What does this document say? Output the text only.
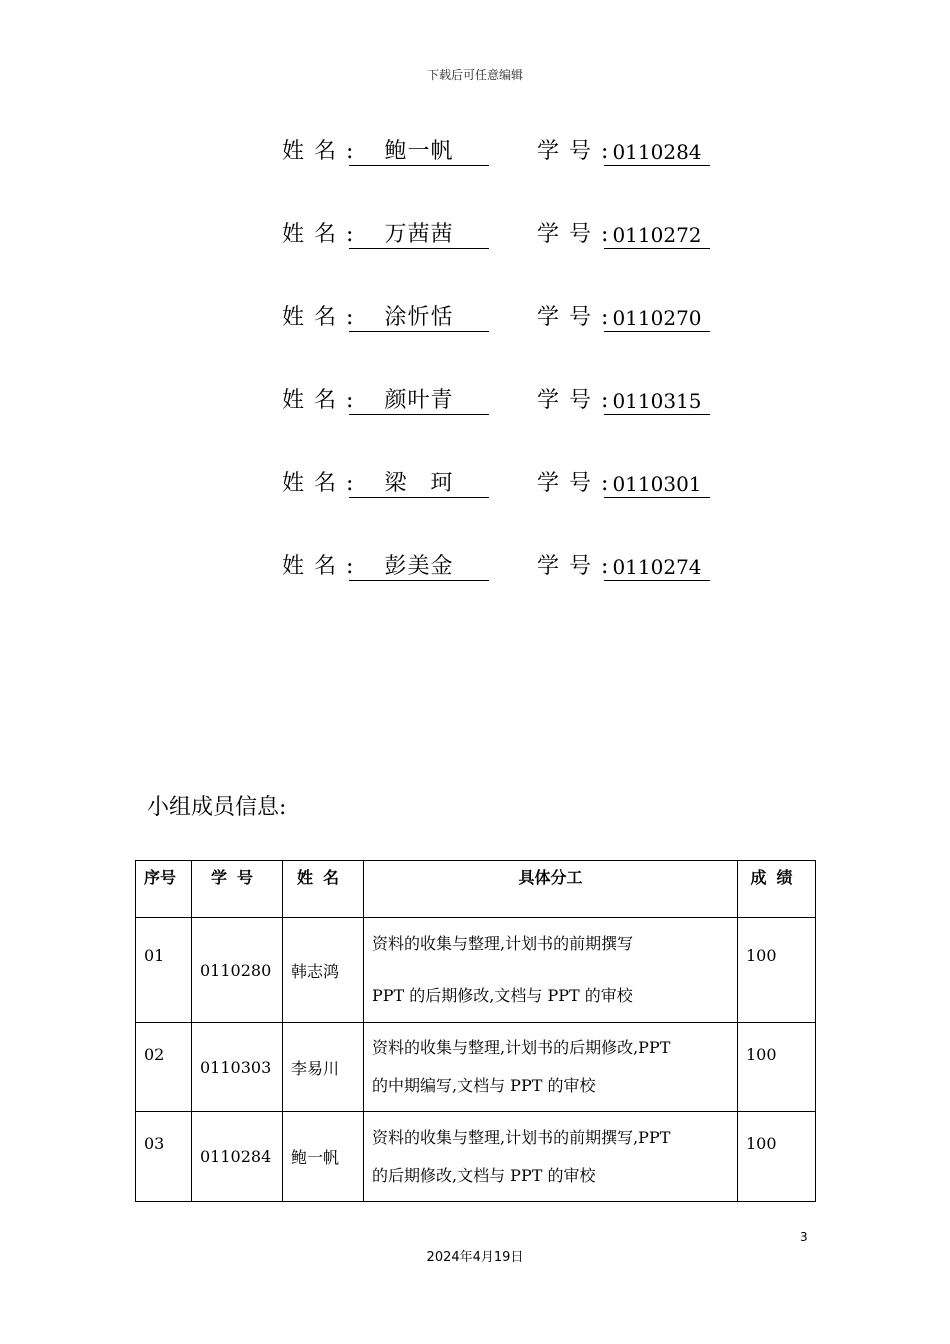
下载后可任意编辑
姓名: 鲍一帆	学号:
0110284
姓名: 万茜茜	学号:
0110272
姓名: 涂忻恬	学号:
0110270
姓名: 颜叶青	学号:
0110315
姓名: 梁　珂	学号:
0110301
姓名: 彭美金	学号:
0110274
小组成员信息:
序号	学号	姓名	具体分工	成绩
01	0110280	韩志鸿	资料的收集与整理,计划书的前期撰写
PPT 的后期修改,文档与 PPT 的审校	100
02	0110303	李易川	资料的收集与整理,计划书的后期修改,PPT
的中期编写,文档与 PPT 的审校	100
03	0110284	鲍一帆	资料的收集与整理,计划书的前期撰写,PPT
的后期修改,文档与 PPT 的审校	100
3
2024年4月19日
